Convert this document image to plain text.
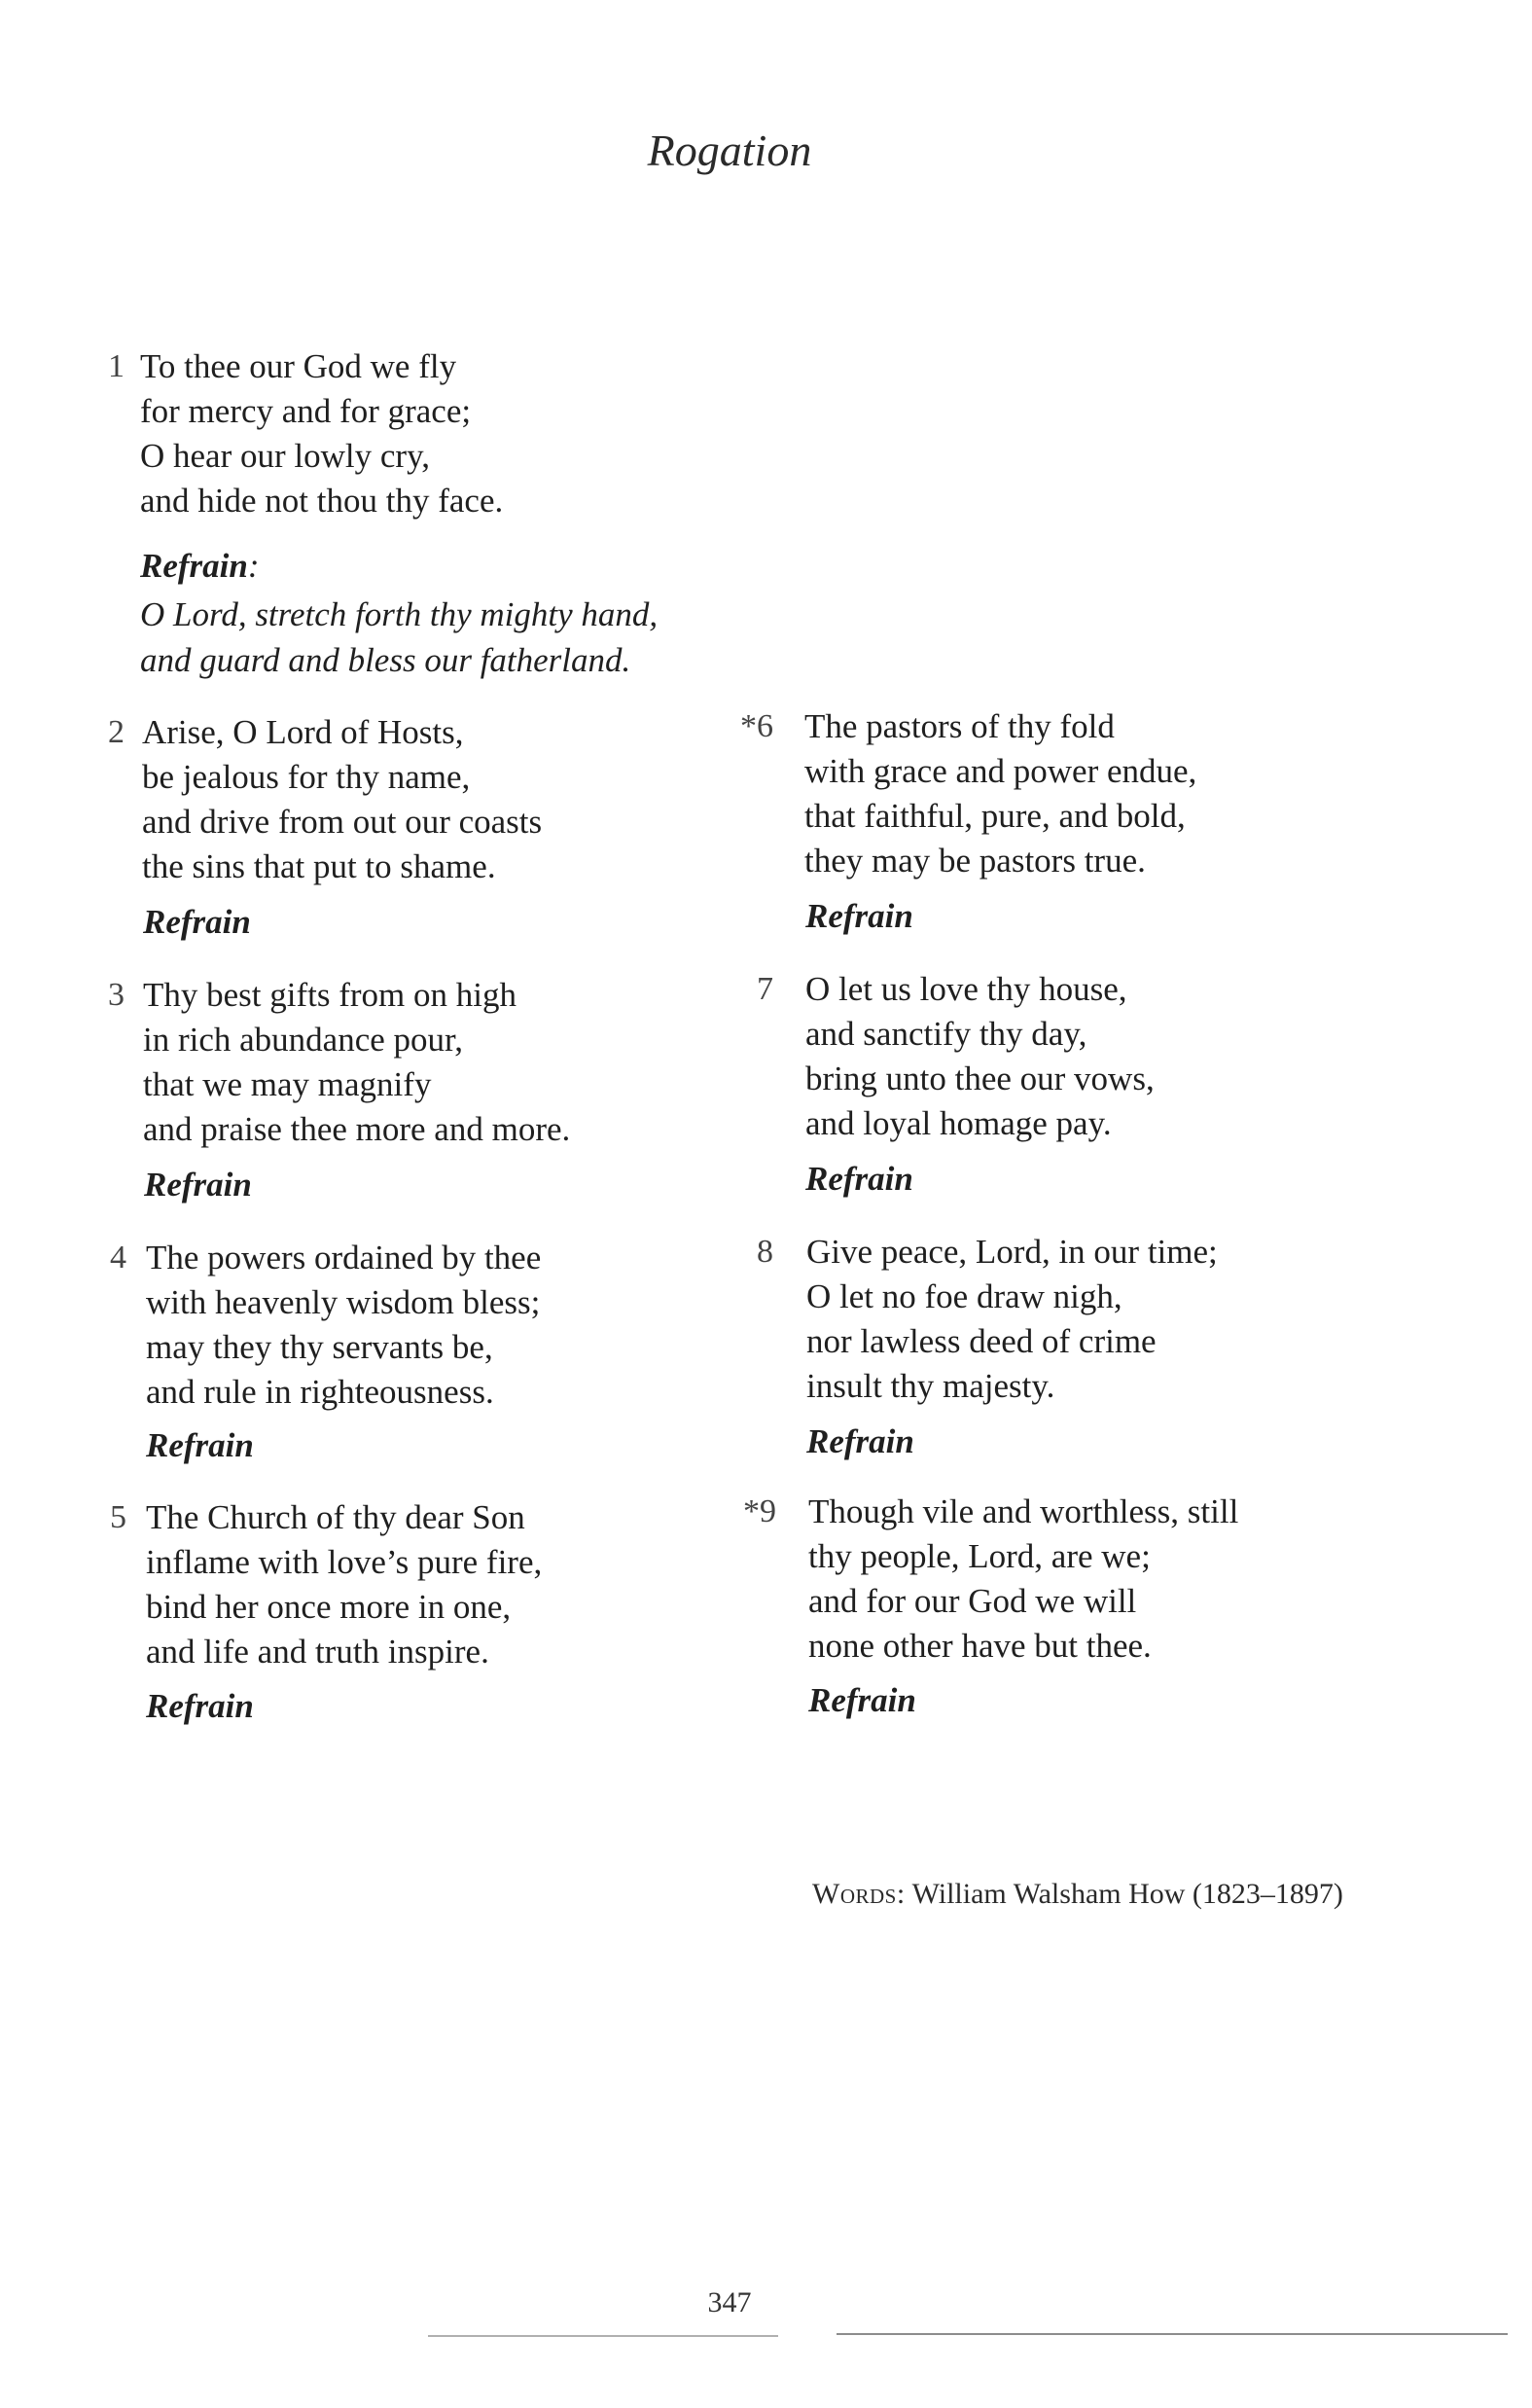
Rogation
1 To thee our God we fly
for mercy and for grace;
O hear our lowly cry,
and hide not thou thy face.
Refrain:
O Lord, stretch forth thy mighty hand,
and guard and bless our fatherland.
2 Arise, O Lord of Hosts,
be jealous for thy name,
and drive from out our coasts
the sins that put to shame.
Refrain
3 Thy best gifts from on high
in rich abundance pour,
that we may magnify
and praise thee more and more.
Refrain
4 The powers ordained by thee
with heavenly wisdom bless;
may they thy servants be,
and rule in righteousness.
Refrain
5 The Church of thy dear Son
inflame with love’s pure fire,
bind her once more in one,
and life and truth inspire.
Refrain
*6 The pastors of thy fold
with grace and power endue,
that faithful, pure, and bold,
they may be pastors true.
Refrain
7 O let us love thy house,
and sanctify thy day,
bring unto thee our vows,
and loyal homage pay.
Refrain
8 Give peace, Lord, in our time;
O let no foe draw nigh,
nor lawless deed of crime
insult thy majesty.
Refrain
*9 Though vile and worthless, still
thy people, Lord, are we;
and for our God we will
none other have but thee.
Refrain
Words: William Walsham How (1823–1897)
347
